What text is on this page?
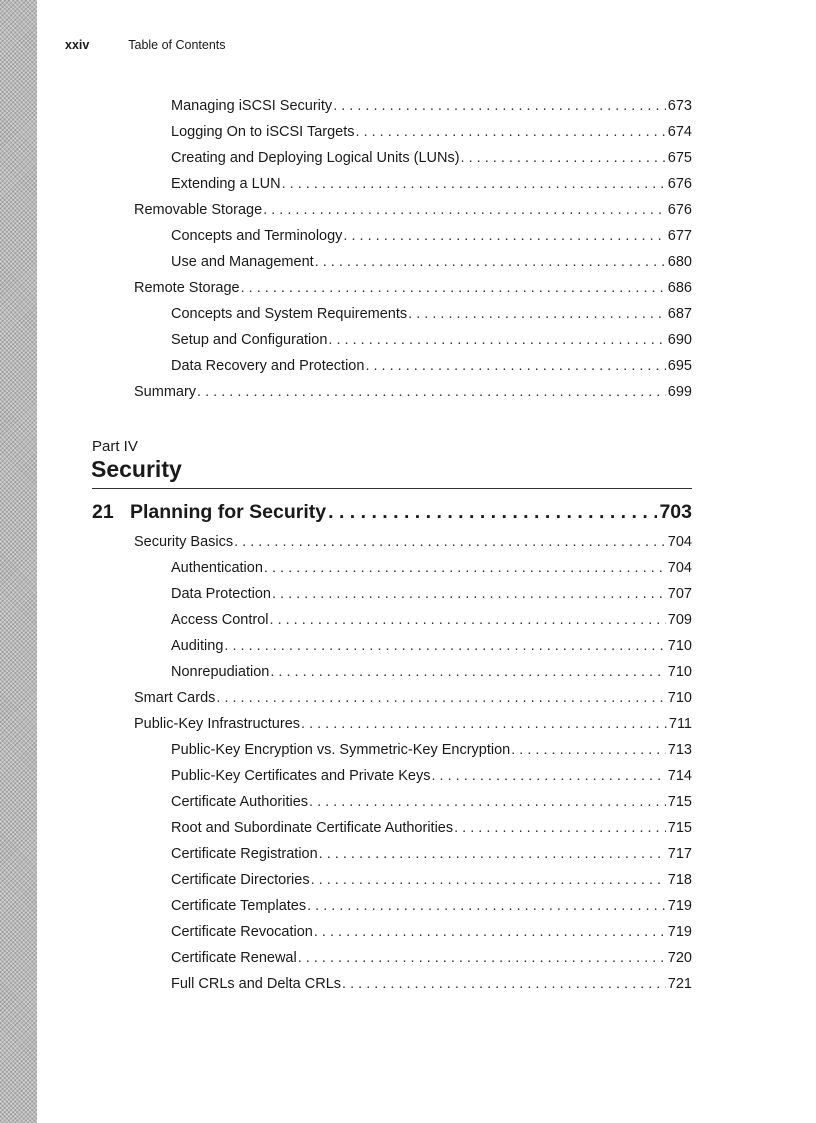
xxiv	Table of Contents
Managing iSCSI Security . . .	673
Logging On to iSCSI Targets . . .	674
Creating and Deploying Logical Units (LUNs) . . .	675
Extending a LUN . . .	676
Removable Storage . . .	676
Concepts and Terminology . . .	677
Use and Management . . .	680
Remote Storage . . .	686
Concepts and System Requirements . . .	687
Setup and Configuration . . .	690
Data Recovery and Protection . . .	695
Summary . . .	699
Part IV
Security
21 Planning for Security . . .	703
Security Basics . . .	704
Authentication . . .	704
Data Protection . . .	707
Access Control . . .	709
Auditing . . .	710
Nonrepudiation . . .	710
Smart Cards . . .	710
Public-Key Infrastructures . . .	711
Public-Key Encryption vs. Symmetric-Key Encryption . . .	713
Public-Key Certificates and Private Keys . . .	714
Certificate Authorities . . .	715
Root and Subordinate Certificate Authorities . . .	715
Certificate Registration . . .	717
Certificate Directories . . .	718
Certificate Templates . . .	719
Certificate Revocation . . .	719
Certificate Renewal . . .	720
Full CRLs and Delta CRLs . . .	721
